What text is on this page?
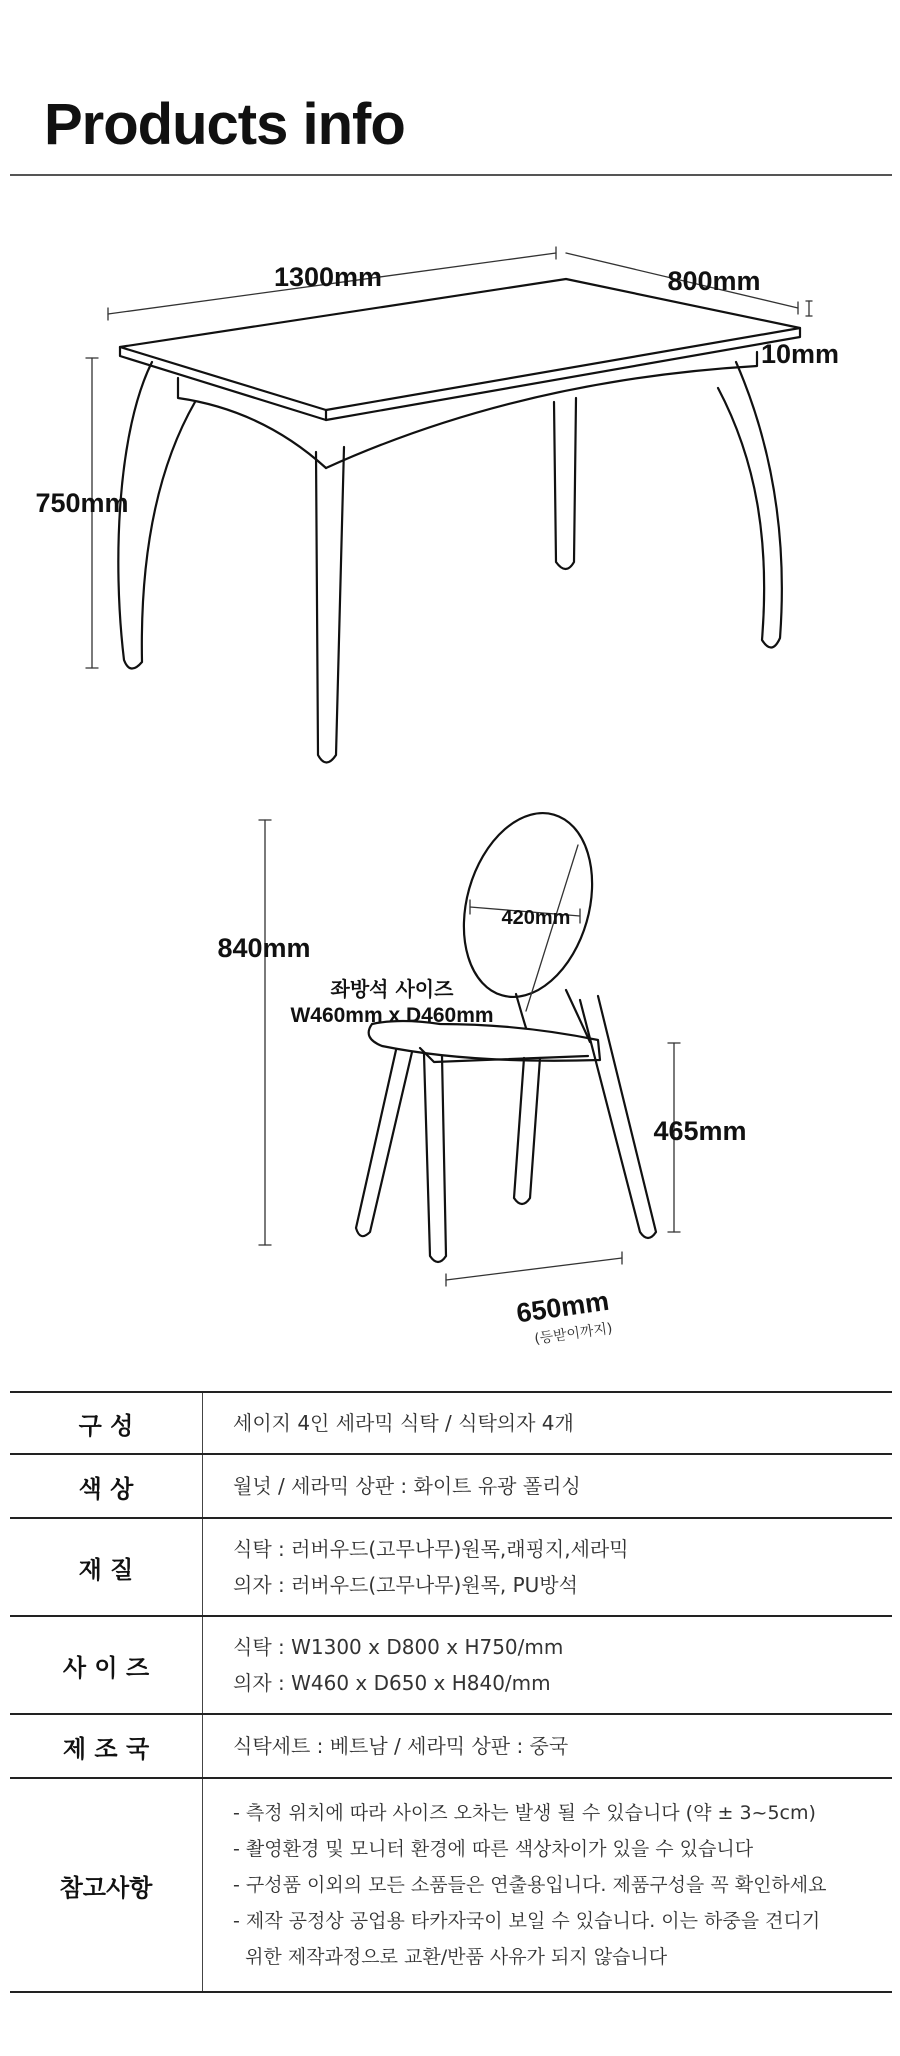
Products info
1300mm	800mm
10mm
750mm
840mm
420mm
좌방석 사이즈
W460mm x D460mm
465mm
650mm
(등받이까지)
구 성	세이지 4인 세라믹 식탁 / 식탁의자 4개

색 상	월넛 / 세라믹 상판 : 화이트 유광 폴리싱

재 질	식탁 : 러버우드(고무나무)원목,래핑지,세라믹
의자 : 러버우드(고무나무)원목, PU방석

사 이 즈	식탁 : W1300 x D800 x H750/mm
의자 : W460 x D650 x H840/mm

제 조 국	식탁세트 : 베트남 / 세라믹 상판 : 중국

참고사항	- 측정 위치에 따라 사이즈 오차는 발생 될 수 있습니다 (약 ± 3~5cm)
- 촬영환경 및 모니터 환경에 따른 색상차이가 있을 수 있습니다
- 구성품 이외의 모든 소품들은 연출용입니다. 제품구성을 꼭 확인하세요
- 제작 공정상 공업용 타카자국이 보일 수 있습니다. 이는 하중을 견디기
위한 제작과정으로 교환/반품 사유가 되지 않습니다
